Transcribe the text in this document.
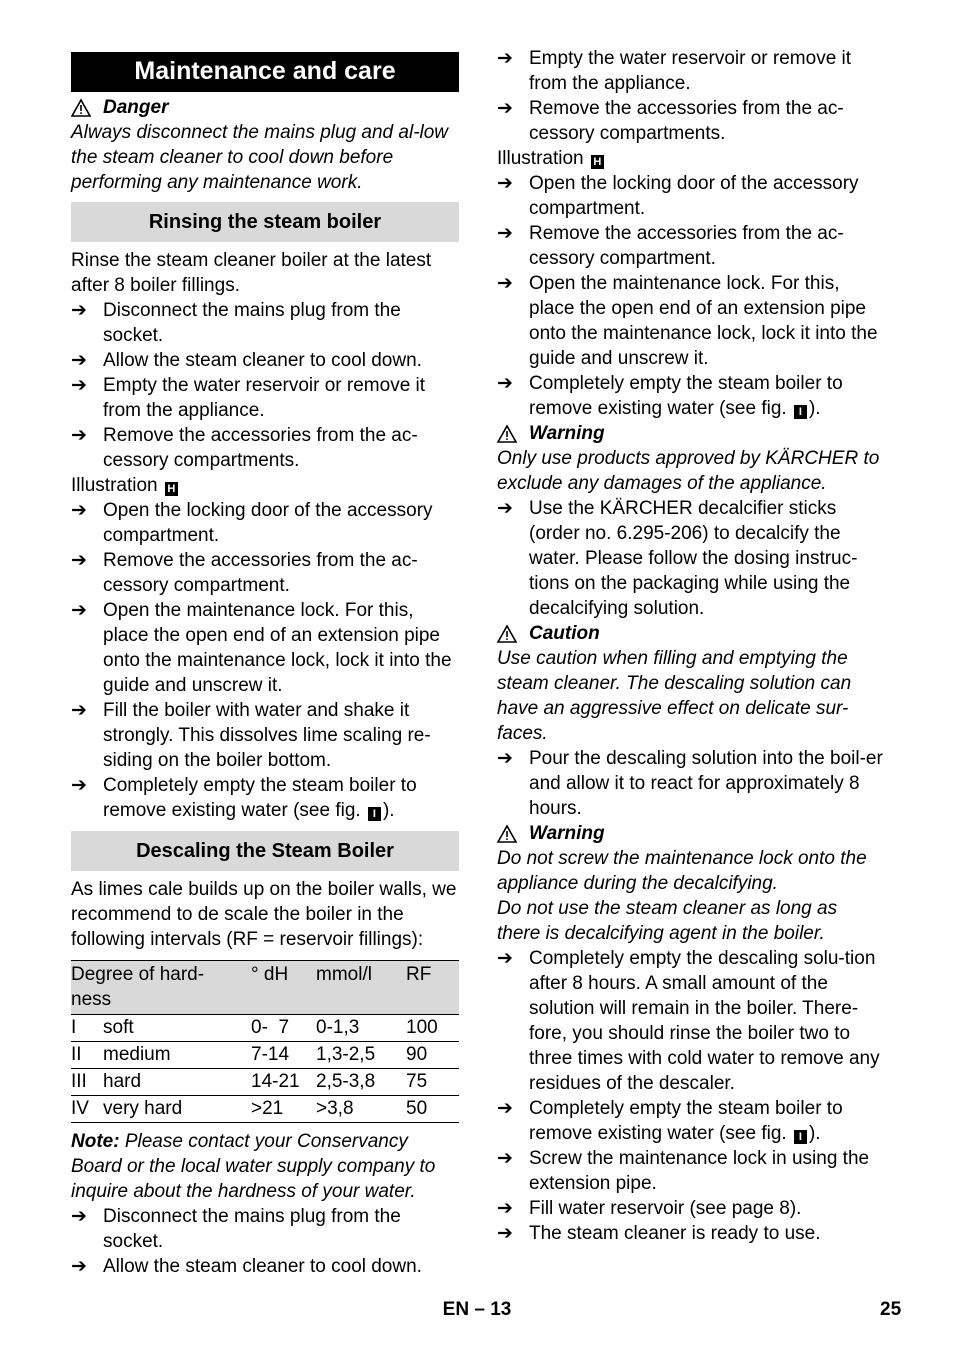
Maintenance and care
Danger

Always disconnect the mains plug and al-low the steam cleaner to cool down before performing any maintenance work.

Rinsing the steam boiler

Rinse the steam cleaner boiler at the latest after 8 boiler fillings.

➔ Disconnect the mains plug from the socket.
➔ Allow the steam cleaner to cool down.
➔ Empty the water reservoir or remove it from the appliance.
➔ Remove the accessories from the ac-cessory compartments.

Illustration H

➔ Open the locking door of the accessory compartment.
➔ Remove the accessories from the ac-cessory compartment.
➔ Open the maintenance lock. For this, place the open end of an extension pipe onto the maintenance lock, lock it into the guide and unscrew it.
➔ Fill the boiler with water and shake it strongly. This dissolves lime scaling re-siding on the boiler bottom.
➔ Completely empty the steam boiler to remove existing water (see fig. I ).
Descaling the Steam Boiler

As limes cale builds up on the boiler walls, we recommend to de scale the boiler in the following intervals (RF = reservoir fillings):

Degree of hard-ness		° dH	mmol/l	RF
I	soft	0-  7	0-1,3	100
II	medium	7-14	1,3-2,5	90
III	hard	14-21	2,5-3,8	75
IV	very hard	>21	>3,8	50

Note: Please contact your Conservancy Board or the local water supply company to inquire about the hardness of your water.

➔ Disconnect the mains plug from the socket.
➔ Allow the steam cleaner to cool down.
➔ Empty the water reservoir or remove it from the appliance.
➔ Remove the accessories from the ac-cessory compartments.

Illustration H

➔ Open the locking door of the accessory compartment.
➔ Remove the accessories from the ac-cessory compartment.
➔ Open the maintenance lock. For this, place the open end of an extension pipe onto the maintenance lock, lock it into the guide and unscrew it.
➔ Completely empty the steam boiler to remove existing water (see fig. I ).
Warning

Only use products approved by KÄRCHER to exclude any damages of the appliance.

➔ Use the KÄRCHER decalcifier sticks (order no. 6.295-206) to decalcify the water. Please follow the dosing instruc-tions on the packaging while using the decalcifying solution.
Caution

Use caution when filling and emptying the steam cleaner. The descaling solution can have an aggressive effect on delicate sur-faces.

➔ Pour the descaling solution into the boil-er and allow it to react for approximately 8 hours.
Warning

Do not screw the maintenance lock onto the appliance during the decalcifying.

Do not use the steam cleaner as long as there is decalcifying agent in the boiler.

➔ Completely empty the descaling solu-tion after 8 hours. A small amount of the solution will remain in the boiler. There-fore, you should rinse the boiler two to three times with cold water to remove any residues of the descaler.
➔ Completely empty the steam boiler to remove existing water (see fig. I ).
➔ Screw the maintenance lock in using the extension pipe.
➔ Fill water reservoir (see page 8).
➔ The steam cleaner is ready to use.
EN – 13	25
